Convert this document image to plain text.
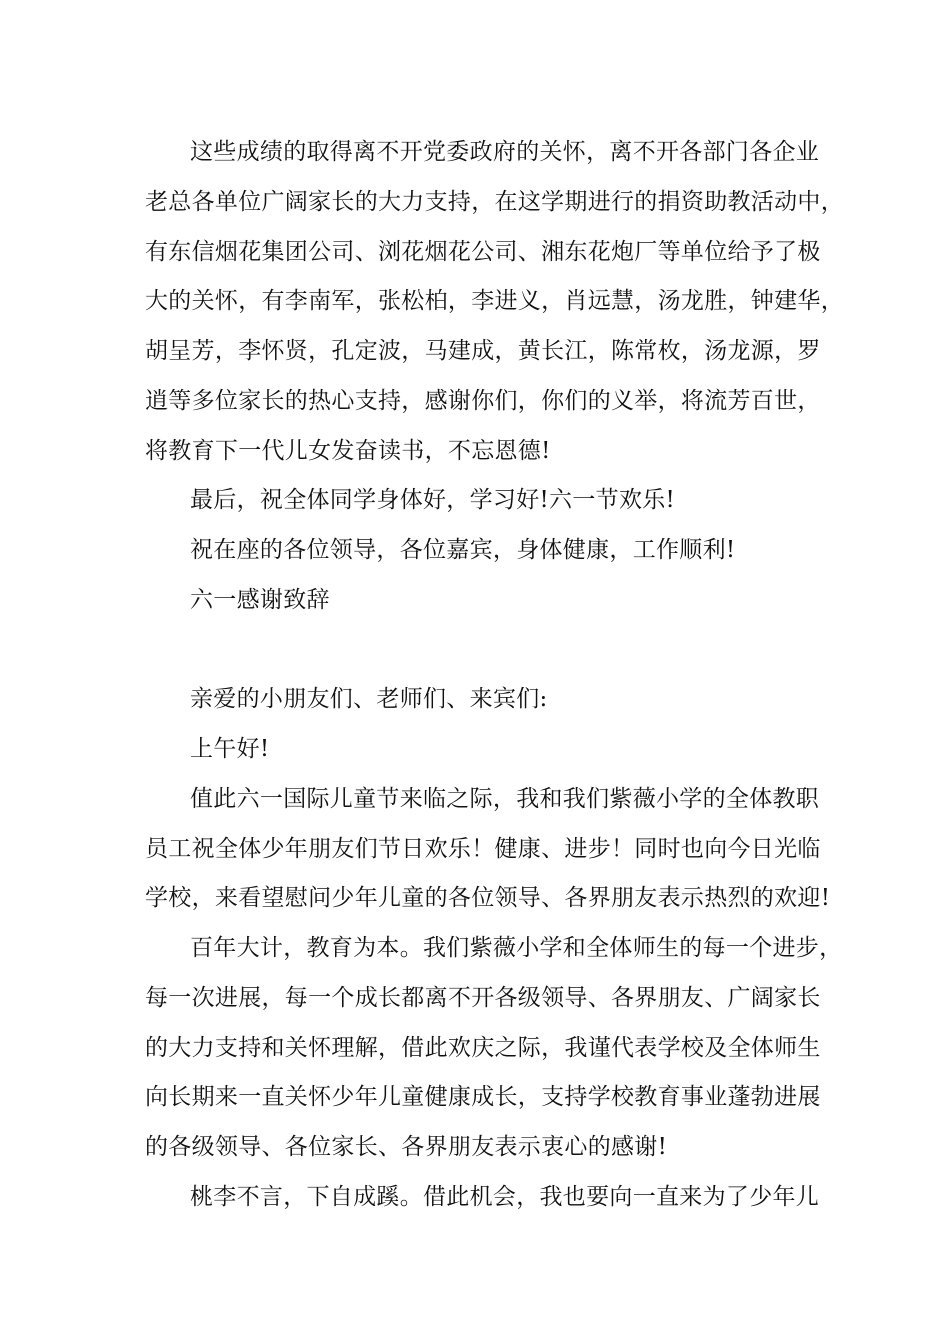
这些成绩的取得离不开党委政府的关怀，离不开各部门各企业
老总各单位广阔家长的大力支持，在这学期进行的捐资助教活动中，
有东信烟花集团公司、浏花烟花公司、湘东花炮厂等单位给予了极
大的关怀，有李南军，张松柏，李进义，肖远慧，汤龙胜，钟建华，
胡呈芳，李怀贤，孔定波，马建成，黄长江，陈常枚，汤龙源，罗
逍等多位家长的热心支持，感谢你们，你们的义举，将流芳百世，
将教育下一代儿女发奋读书，不忘恩德!
最后，祝全体同学身体好，学习好!六一节欢乐!
祝在座的各位领导，各位嘉宾，身体健康，工作顺利!
六一感谢致辞
亲爱的小朋友们、老师们、来宾们:
上午好!
值此六一国际儿童节来临之际，我和我们紫薇小学的全体教职
员工祝全体少年朋友们节日欢乐！健康、进步！同时也向今日光临
学校，来看望慰问少年儿童的各位领导、各界朋友表示热烈的欢迎!
百年大计，教育为本。我们紫薇小学和全体师生的每一个进步，
每一次进展，每一个成长都离不开各级领导、各界朋友、广阔家长
的大力支持和关怀理解，借此欢庆之际，我谨代表学校及全体师生
向长期来一直关怀少年儿童健康成长，支持学校教育事业蓬勃进展
的各级领导、各位家长、各界朋友表示衷心的感谢!
桃李不言，下自成蹊。借此机会，我也要向一直来为了少年儿
